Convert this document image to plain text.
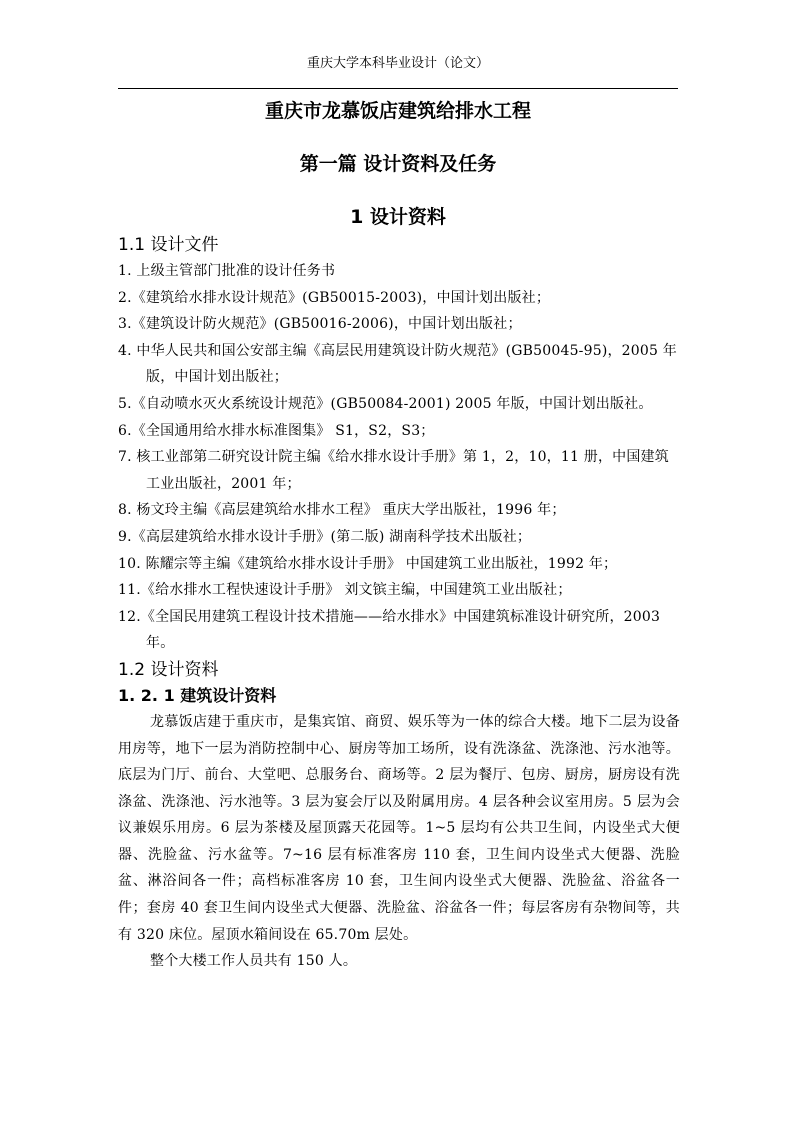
重庆大学本科毕业设计（论文）
重庆市龙慕饭店建筑给排水工程
第一篇 设计资料及任务
1 设计资料
1.1 设计文件
1. 上级主管部门批准的设计任务书
2.《建筑给水排水设计规范》(GB50015-2003)，中国计划出版社；
3.《建筑设计防火规范》(GB50016-2006)，中国计划出版社；
4. 中华人民共和国公安部主编《高层民用建筑设计防火规范》(GB50045-95)，2005 年版，中国计划出版社；
5.《自动喷水灭火系统设计规范》(GB50084-2001) 2005 年版，中国计划出版社。
6.《全国通用给水排水标准图集》 S1，S2，S3；
7. 核工业部第二研究设计院主编《给水排水设计手册》第 1，2，10，11 册，中国建筑工业出版社，2001 年；
8. 杨文玲主编《高层建筑给水排水工程》 重庆大学出版社，1996 年；
9.《高层建筑给水排水设计手册》(第二版) 湖南科学技术出版社；
10. 陈耀宗等主编《建筑给水排水设计手册》 中国建筑工业出版社，1992 年；
11.《给水排水工程快速设计手册》 刘文镔主编，中国建筑工业出版社；
12.《全国民用建筑工程设计技术措施——给水排水》中国建筑标准设计研究所，2003 年。
1.2 设计资料
1. 2. 1 建筑设计资料

龙慕饭店建于重庆市，是集宾馆、商贸、娱乐等为一体的综合大楼。地下二层为设备用房等，地下一层为消防控制中心、厨房等加工场所，设有洗涤盆、洗涤池、污水池等。底层为门厅、前台、大堂吧、总服务台、商场等。2 层为餐厅、包房、厨房，厨房设有洗涤盆、洗涤池、污水池等。3 层为宴会厅以及附属用房。4 层各种会议室用房。5 层为会议兼娱乐用房。6 层为茶楼及屋顶露天花园等。1~5 层均有公共卫生间，内设坐式大便器、洗脸盆、污水盆等。7~16 层有标准客房 110 套，卫生间内设坐式大便器、洗脸盆、淋浴间各一件；高档标准客房 10 套，卫生间内设坐式大便器、洗脸盆、浴盆各一件；套房 40 套卫生间内设坐式大便器、洗脸盆、浴盆各一件；每层客房有杂物间等，共有 320 床位。屋顶水箱间设在 65.70m 层处。

整个大楼工作人员共有 150 人。
